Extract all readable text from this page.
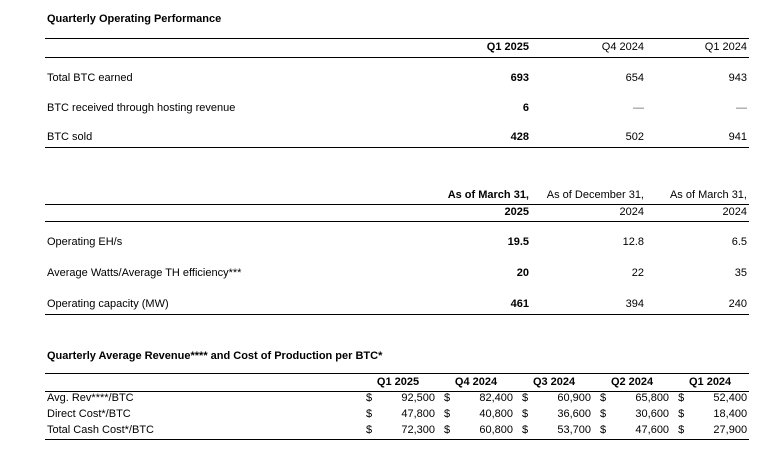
Quarterly Operating Performance
	Q1 2025	Q4 2024	Q1 2024
Total BTC earned	693	654	943
BTC received through hosting revenue	6	—	—
BTC sold	428	502	941
	As of March 31,	As of December 31,	As of March 31,
	2025	2024	2024
Operating EH/s	19.5	12.8	6.5
Average Watts/Average TH efficiency***	20	22	35
Operating capacity (MW)	461	394	240
Quarterly Average Revenue**** and Cost of Production per BTC*
	Q1 2025		Q4 2024		Q3 2024		Q2 2024		Q1 2024	
Avg. Rev****/BTC	$	92,500	$	82,400	$	60,900	$	65,800	$	52,400
Direct Cost*/BTC	$	47,800	$	40,800	$	36,600	$	30,600	$	18,400
Total Cash Cost*/BTC	$	72,300	$	60,800	$	53,700	$	47,600	$	27,900
